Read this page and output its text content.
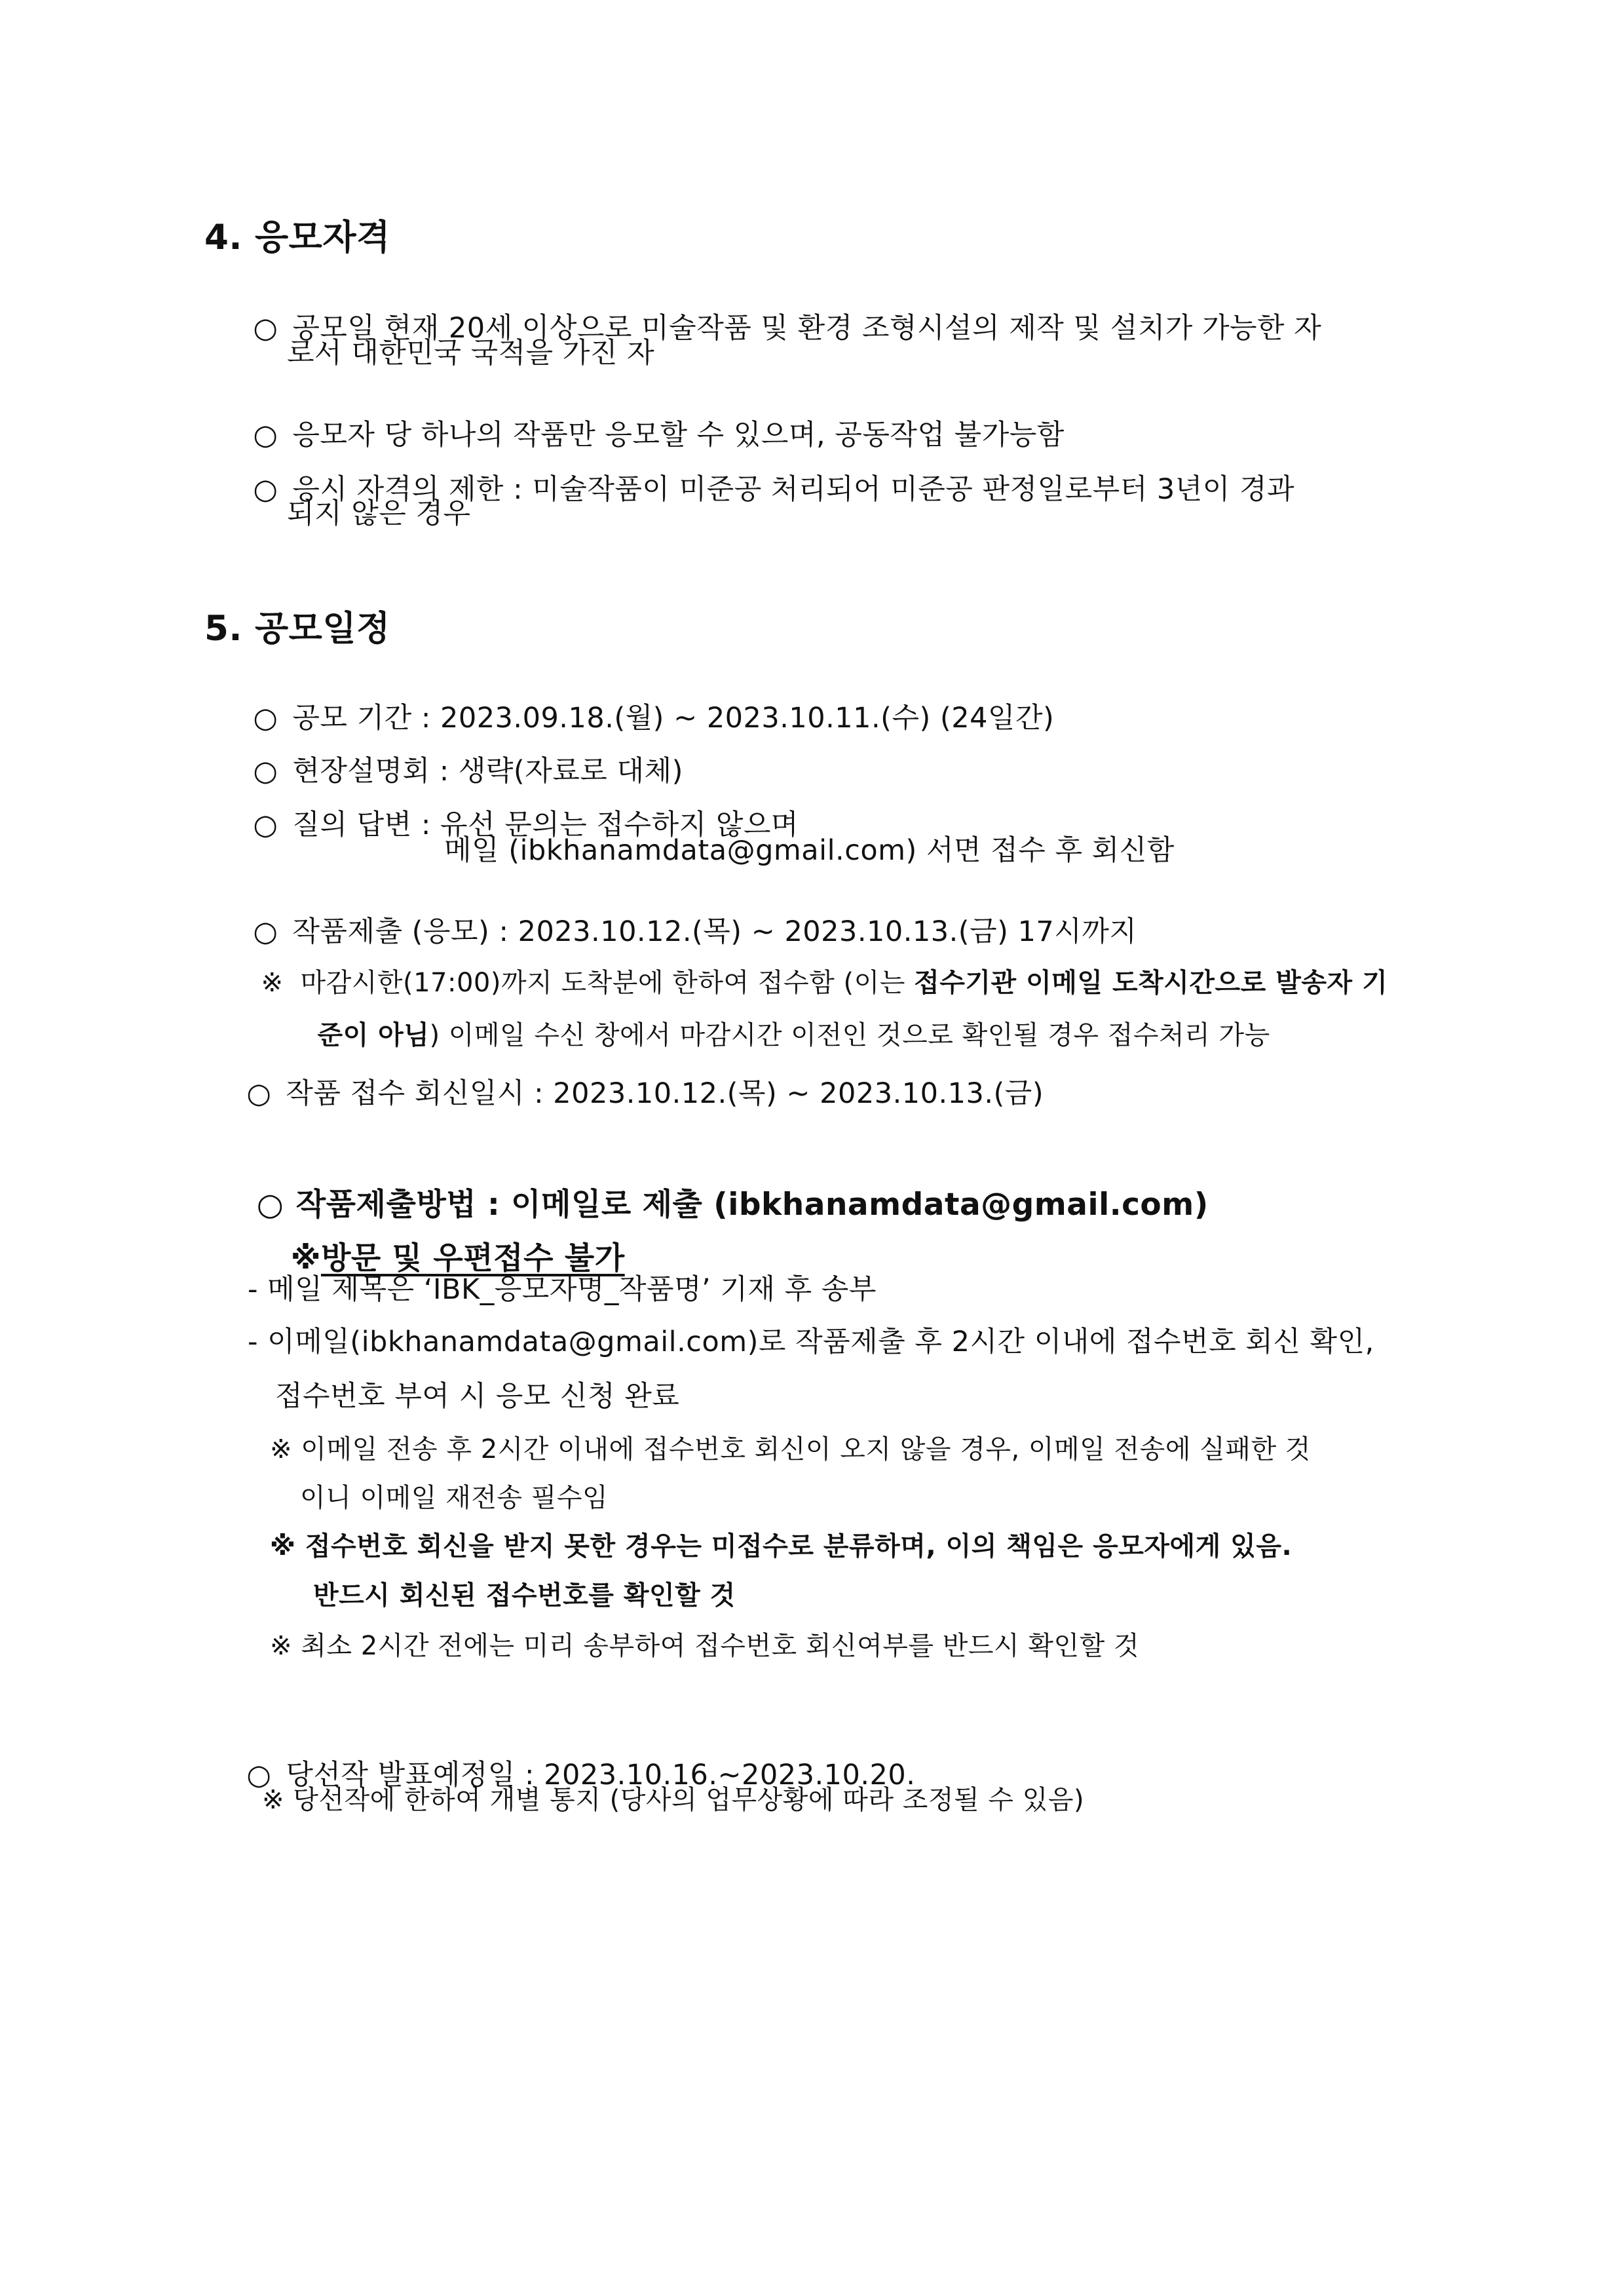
4. 응모자격

○ 공모일 현재 20세 이상으로 미술작품 및 환경 조형시설의 제작 및 설치가 가능한 자

로서 대한민국 국적을 가진 자

○ 응모자 당 하나의 작품만 응모할 수 있으며, 공동작업 불가능함

○ 응시 자격의 제한 : 미술작품이 미준공 처리되어 미준공 판정일로부터 3년이 경과

되지 않은 경우
5. 공모일정

○ 공모 기간 : 2023.09.18.(월) ~ 2023.10.11.(수) (24일간)

○ 현장설명회 : 생략(자료로 대체)

○ 질의 답변 : 유선 문의는 접수하지 않으며

메일 (ibkhanamdata@gmail.com) 서면 접수 후 회신함

○ 작품제출 (응모) : 2023.10.12.(목) ~ 2023.10.13.(금) 17시까지

※ 마감시한(17:00)까지 도착분에 한하여 접수함 (이는 접수기관 이메일 도착시간으로 발송자 기

준이 아님) 이메일 수신 창에서 마감시간 이전인 것으로 확인될 경우 접수처리 가능

○ 작품 접수 회신일시 : 2023.10.12.(목) ~ 2023.10.13.(금)

○ 작품제출방법 : 이메일로 제출 (ibkhanamdata@gmail.com)

※방문 및 우편접수 불가

- 메일 제목은 ‘IBK_응모자명_작품명’ 기재 후 송부
- 이메일(ibkhanamdata@gmail.com)로 작품제출 후 2시간 이내에 접수번호 회신 확인,
접수번호 부여 시 응모 신청 완료
※ 이메일 전송 후 2시간 이내에 접수번호 회신이 오지 않을 경우, 이메일 전송에 실패한 것
이니 이메일 재전송 필수임
※ 접수번호 회신을 받지 못한 경우는 미접수로 분류하며, 이의 책임은 응모자에게 있음.
반드시 회신된 접수번호를 확인할 것
※ 최소 2시간 전에는 미리 송부하여 접수번호 회신여부를 반드시 확인할 것

○ 당선작 발표예정일 : 2023.10.16.~2023.10.20.

※ 당선작에 한하여 개별 통지 (당사의 업무상황에 따라 조정될 수 있음)
